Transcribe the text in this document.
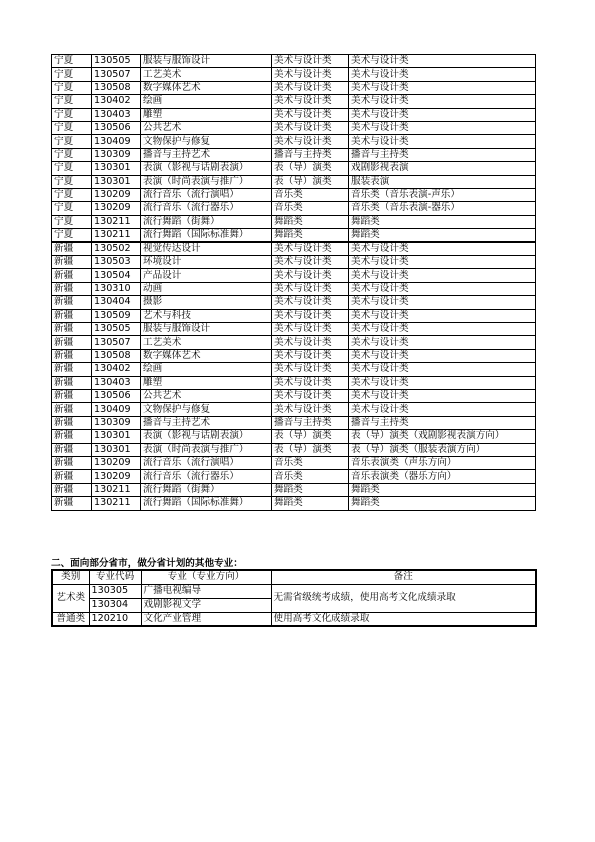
宁夏	130505	服装与服饰设计	美术与设计类	美术与设计类
宁夏	130507	工艺美术	美术与设计类	美术与设计类
宁夏	130508	数字媒体艺术	美术与设计类	美术与设计类
宁夏	130402	绘画	美术与设计类	美术与设计类
宁夏	130403	雕塑	美术与设计类	美术与设计类
宁夏	130506	公共艺术	美术与设计类	美术与设计类
宁夏	130409	文物保护与修复	美术与设计类	美术与设计类
宁夏	130309	播音与主持艺术	播音与主持类	播音与主持类
宁夏	130301	表演（影视与话剧表演）	表（导）演类	戏剧影视表演
宁夏	130301	表演（时尚表演与推广）	表（导）演类	服装表演
宁夏	130209	流行音乐（流行演唱）	音乐类	音乐类（音乐表演-声乐）
宁夏	130209	流行音乐（流行器乐）	音乐类	音乐类（音乐表演-器乐）
宁夏	130211	流行舞蹈（街舞）	舞蹈类	舞蹈类
宁夏	130211	流行舞蹈（国际标准舞）	舞蹈类	舞蹈类
新疆	130502	视觉传达设计	美术与设计类	美术与设计类
新疆	130503	环境设计	美术与设计类	美术与设计类
新疆	130504	产品设计	美术与设计类	美术与设计类
新疆	130310	动画	美术与设计类	美术与设计类
新疆	130404	摄影	美术与设计类	美术与设计类
新疆	130509	艺术与科技	美术与设计类	美术与设计类
新疆	130505	服装与服饰设计	美术与设计类	美术与设计类
新疆	130507	工艺美术	美术与设计类	美术与设计类
新疆	130508	数字媒体艺术	美术与设计类	美术与设计类
新疆	130402	绘画	美术与设计类	美术与设计类
新疆	130403	雕塑	美术与设计类	美术与设计类
新疆	130506	公共艺术	美术与设计类	美术与设计类
新疆	130409	文物保护与修复	美术与设计类	美术与设计类
新疆	130309	播音与主持艺术	播音与主持类	播音与主持类
新疆	130301	表演（影视与话剧表演）	表（导）演类	表（导）演类（戏剧影视表演方向）
新疆	130301	表演（时尚表演与推广）	表（导）演类	表（导）演类（服装表演方向）
新疆	130209	流行音乐（流行演唱）	音乐类	音乐表演类（声乐方向）
新疆	130209	流行音乐（流行器乐）	音乐类	音乐表演类（器乐方向）
新疆	130211	流行舞蹈（街舞）	舞蹈类	舞蹈类
新疆	130211	流行舞蹈（国际标准舞）	舞蹈类	舞蹈类
二、面向部分省市，做分省计划的其他专业：
类别	专业代码	专业（专业方向）	备注
艺术类	130305	广播电视编导	无需省级统考成绩，使用高考文化成绩录取
	130304	戏剧影视文学	
普通类	120210	文化产业管理	使用高考文化成绩录取
